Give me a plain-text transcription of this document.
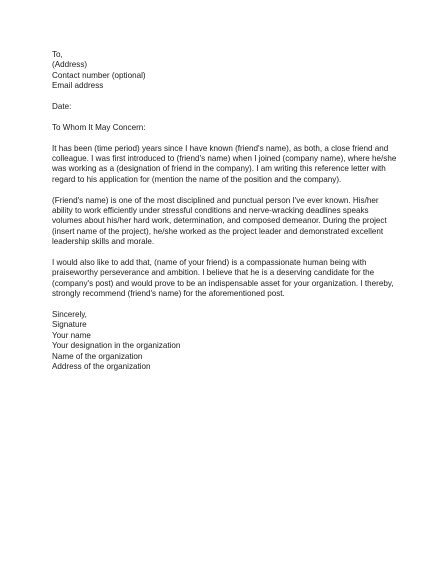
To,
(Address)
Contact number (optional)
Email address
Date:
To Whom It May Concern:
It has been (time period) years since I have known (friend's name), as both, a close friend and
colleague. I was first introduced to (friend's name) when I joined (company name), where he/she
was working as a (designation of friend in the company). I am writing this reference letter with
regard to his application for (mention the name of the position and the company).
(Friend's name) is one of the most disciplined and punctual person I've ever known. His/her
ability to work efficiently under stressful conditions and nerve-wracking deadlines speaks
volumes about his/her hard work, determination, and composed demeanor. During the project
(insert name of the project), he/she worked as the project leader and demonstrated excellent
leadership skills and morale.
I would also like to add that, (name of your friend) is a compassionate human being with
praiseworthy perseverance and ambition. I believe that he is a deserving candidate for the
(company's post) and would prove to be an indispensable asset for your organization. I thereby,
strongly recommend (friend's name) for the aforementioned post.
Sincerely,
Signature
Your name
Your designation in the organization
Name of the organization
Address of the organization
